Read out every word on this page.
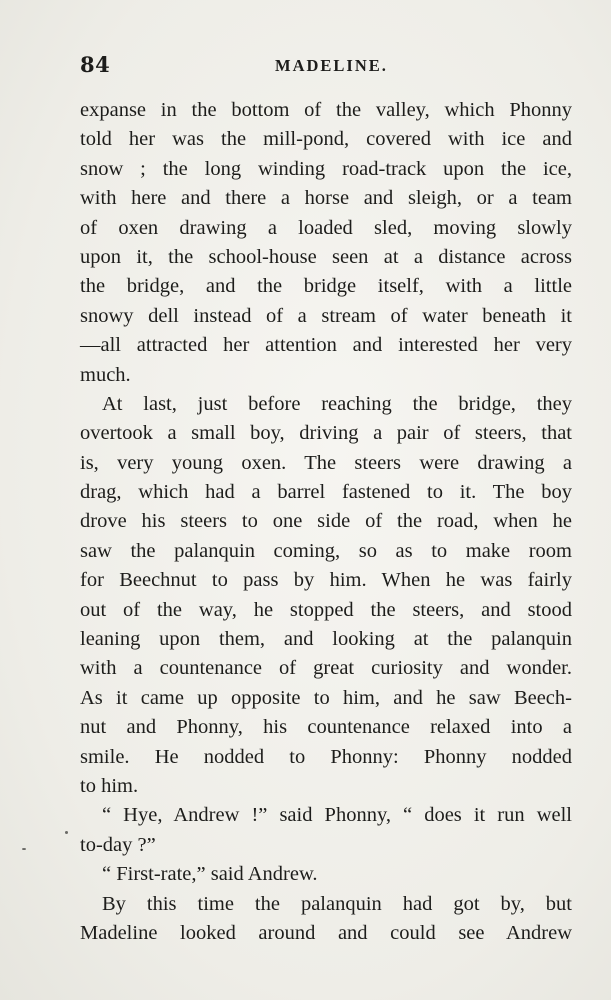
84	MADELINE.
expanse in the bottom of the valley, which Phonny
told her was the mill-pond, covered with ice and
snow ; the long winding road-track upon the ice,
with here and there a horse and sleigh, or a team
of oxen drawing a loaded sled, moving slowly
upon it, the school-house seen at a distance across
the bridge, and the bridge itself, with a little
snowy dell instead of a stream of water beneath it
—all attracted her attention and interested her very
much.
At last, just before reaching the bridge, they
overtook a small boy, driving a pair of steers, that
is, very young oxen. The steers were drawing a
drag, which had a barrel fastened to it. The boy
drove his steers to one side of the road, when he
saw the palanquin coming, so as to make room
for Beechnut to pass by him. When he was fairly
out of the way, he stopped the steers, and stood
leaning upon them, and looking at the palanquin
with a countenance of great curiosity and wonder.
As it came up opposite to him, and he saw Beech-
nut and Phonny, his countenance relaxed into a
smile. He nodded to Phonny: Phonny nodded
to him.
“ Hye, Andrew !” said Phonny, “ does it run well
to-day ?”
“ First-rate,” said Andrew.
By this time the palanquin had got by, but
Madeline looked around and could see Andrew
